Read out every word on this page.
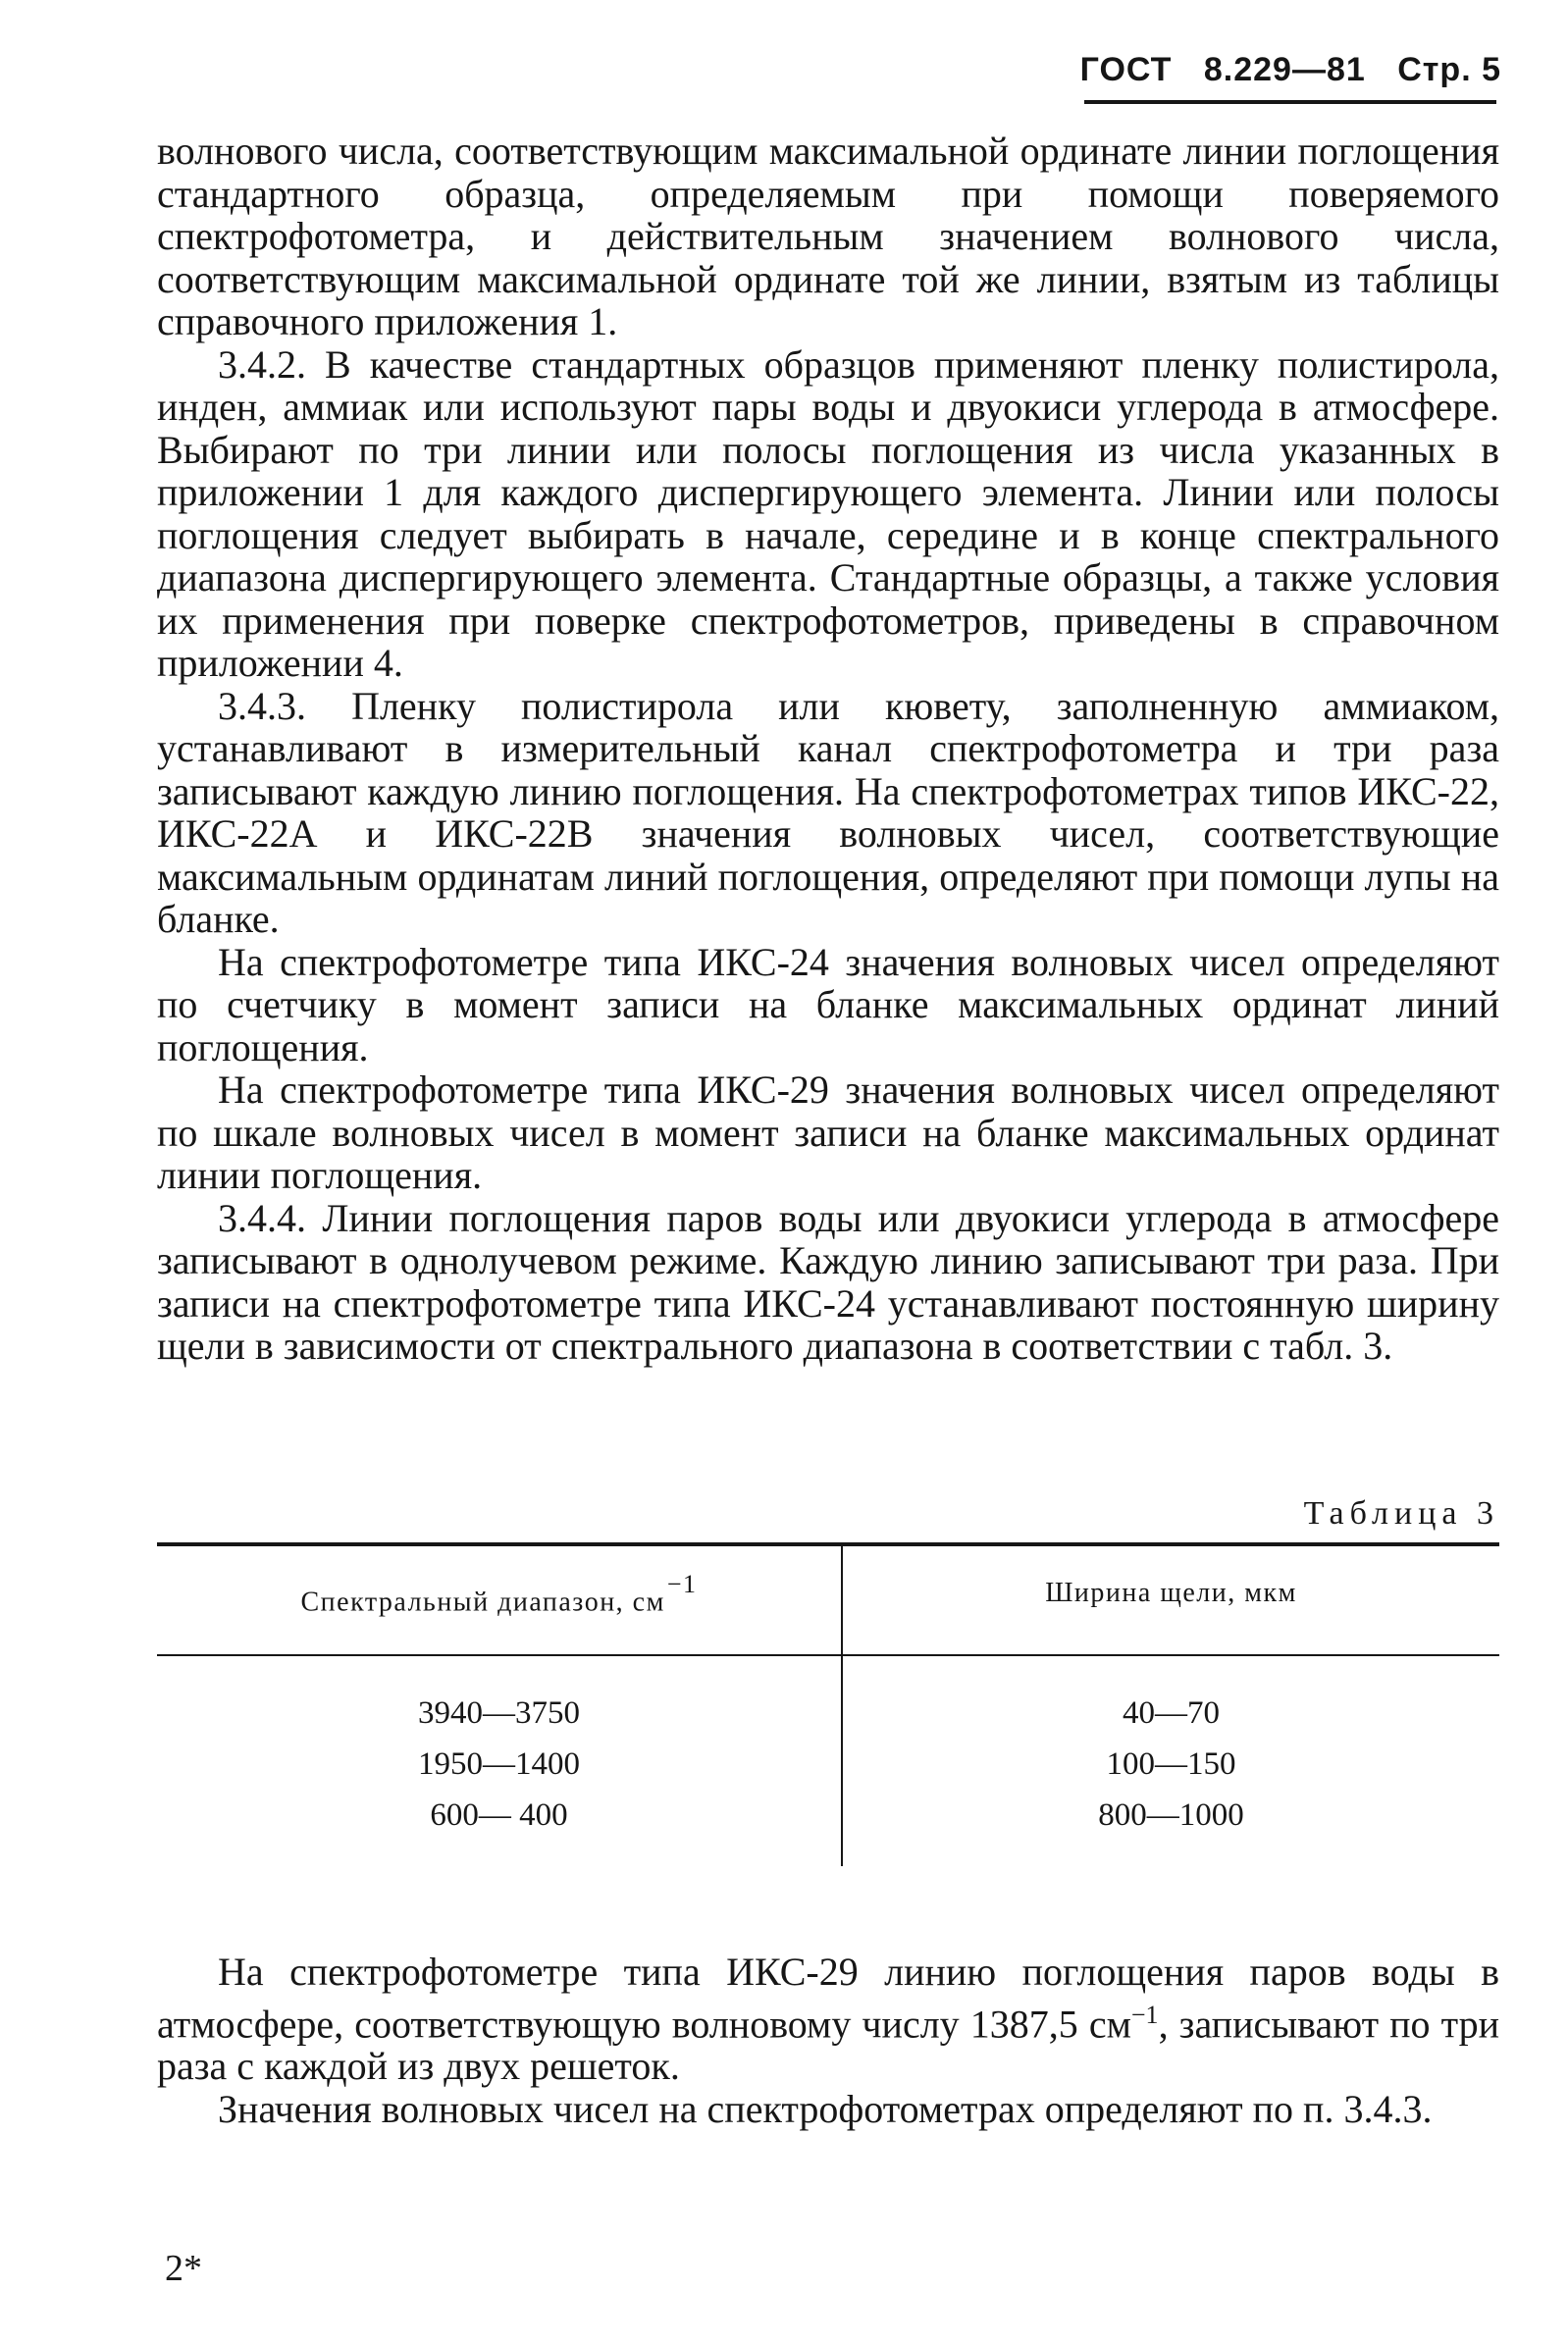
ГОСТ 8.229—81 Стр. 5

волнового числа, соответствующим максимальной ординате линии поглощения стандартного образца, определяемым при помощи поверяемого спектрофотометра, и действительным значением волнового числа, соответствующим максимальной ординате той же линии, взятым из таблицы справочного приложения 1.

3.4.2. В качестве стандартных образцов применяют пленку полистирола, инден, аммиак или используют пары воды и двуокиси углерода в атмосфере. Выбирают по три линии или полосы поглощения из числа указанных в приложении 1 для каждого диспергирующего элемента. Линии или полосы поглощения следует выбирать в начале, середине и в конце спектрального диапазона диспергирующего элемента. Стандартные образцы, а также условия их применения при поверке спектрофотометров, приведены в справочном приложении 4.

3.4.3. Пленку полистирола или кювету, заполненную аммиаком, устанавливают в измерительный канал спектрофотометра и три раза записывают каждую линию поглощения. На спектрофотометрах типов ИКС-22, ИКС-22А и ИКС-22В значения волновых чисел, соответствующие максимальным ординатам линий поглощения, определяют при помощи лупы на бланке.

На спектрофотометре типа ИКС-24 значения волновых чисел определяют по счетчику в момент записи на бланке максимальных ординат линий поглощения.

На спектрофотометре типа ИКС-29 значения волновых чисел определяют по шкале волновых чисел в момент записи на бланке максимальных ординат линии поглощения.

3.4.4. Линии поглощения паров воды или двуокиси углерода в атмосфере записывают в однолучевом режиме. Каждую линию записывают три раза. При записи на спектрофотометре типа ИКС-24 устанавливают постоянную ширину щели в зависимости от спектрального диапазона в соответствии с табл. 3.

Таблица 3
Спектральный диапазон, $см^{-1}$	Ширина щели, мкм
3940—3750	40—70
1950—1400	100—150
600— 400	800—1000

На спектрофотометре типа ИКС-29 линию поглощения паров воды в атмосфере, соответствующую волновому числу 1387,5 $см^{-1}$, записывают по три раза с каждой из двух решеток.

Значения волновых чисел на спектрофотометрах определяют по п. 3.4.3.

2*
